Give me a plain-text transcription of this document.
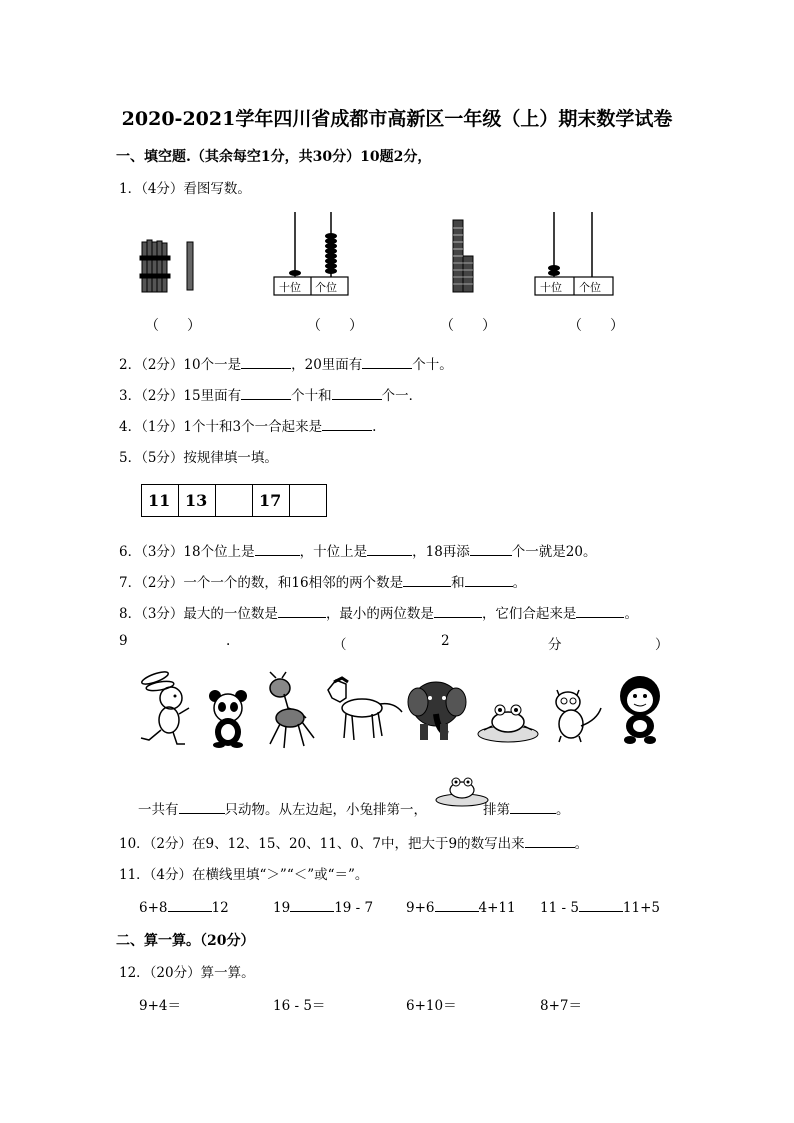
2020-2021学年四川省成都市高新区一年级（上）期末数学试卷
一、填空题.（其余每空1分，共30分）10题2分，
1．（4分）看图写数。
十位 个位	十位 个位
（　　）	（　　）	（　　）	（　　）
2．（2分）10个一是	，20里面有	个十。
3．（2分）15里面有	个十和	个一．
4．（1分）1个十和3个一合起来是	.
5．（5分）按规律填一填。
11	13		17	
6．（3分）18个位上是	，十位上是	，18再添	个一就是20。
7．（2分）一个一个的数，和16相邻的两个数是	和	。
8．（3分）最大的一位数是	，最小的两位数是	，它们合起来是	。
9	.	（	2	分	）
一共有	只动物。从左边起，小兔排第一，	排第	。
10．（2分）在9、12、15、20、11、0、7中，把大于9的数写出来	。
11．（4分）在横线里填“＞”“＜”或“＝”。
6+8	12	19	19 - 7 9+6	4+11 11 - 5	11+5
二、算一算。（20分）
12．（20分）算一算。
9+4＝	16 - 5＝	6+10＝	8+7＝
